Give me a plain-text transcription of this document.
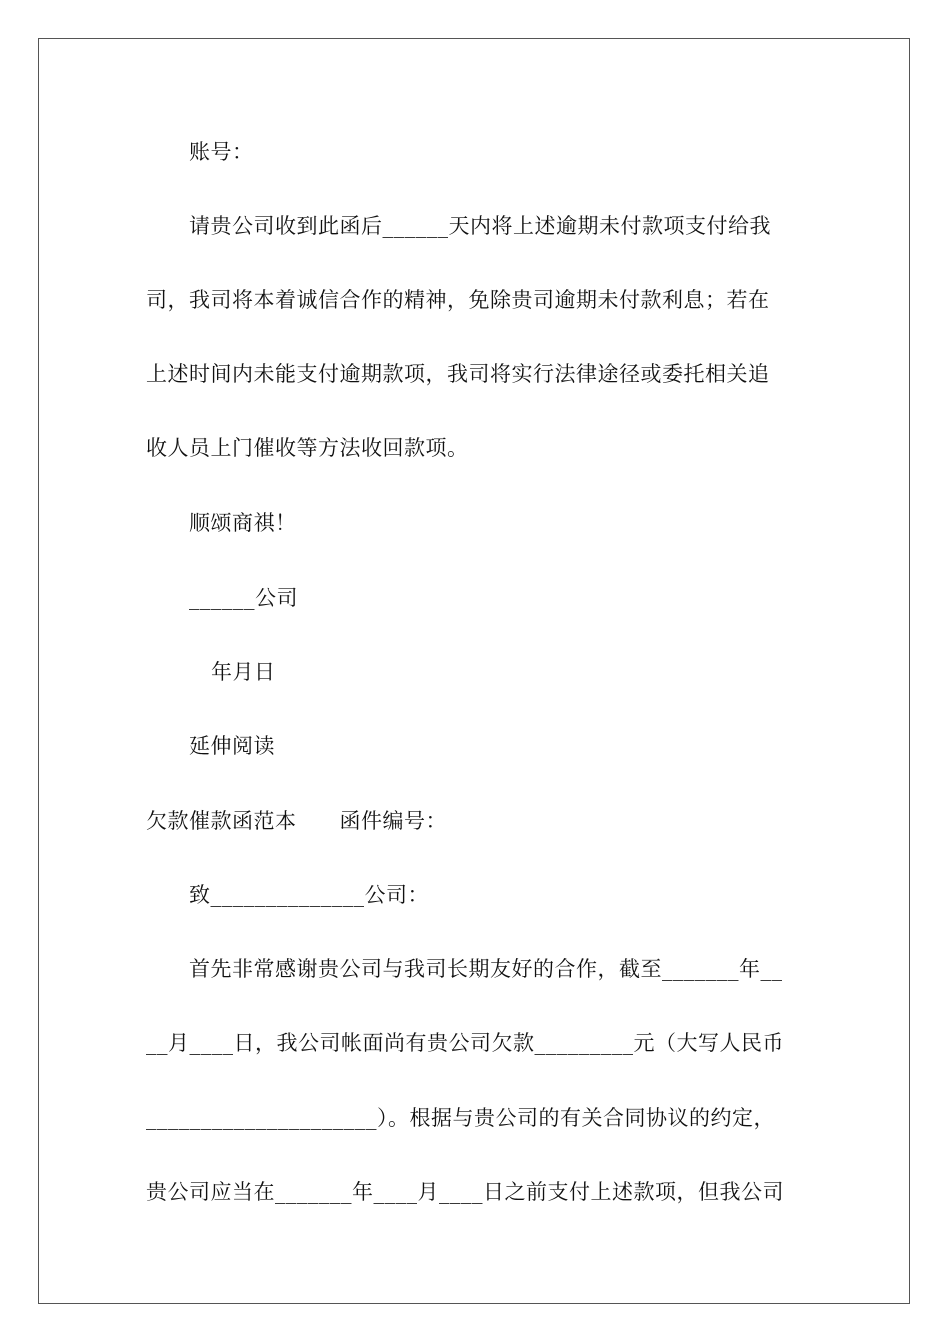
账号：
请贵公司收到此函后______天内将上述逾期未付款项支付给我
司，我司将本着诚信合作的精神，免除贵司逾期未付款利息；若在
上述时间内未能支付逾期款项，我司将实行法律途径或委托相关追
收人员上门催收等方法收回款项。
顺颂商祺！
______公司
年月日
延伸阅读
欠款催款函范本　　函件编号：
致______________公司：
首先非常感谢贵公司与我司长期友好的合作，截至_______年__
__月____日，我公司帐面尚有贵公司欠款_________元（大写人民币
_____________________）。根据与贵公司的有关合同协议的约定，
贵公司应当在_______年____月____日之前支付上述款项，但我公司
